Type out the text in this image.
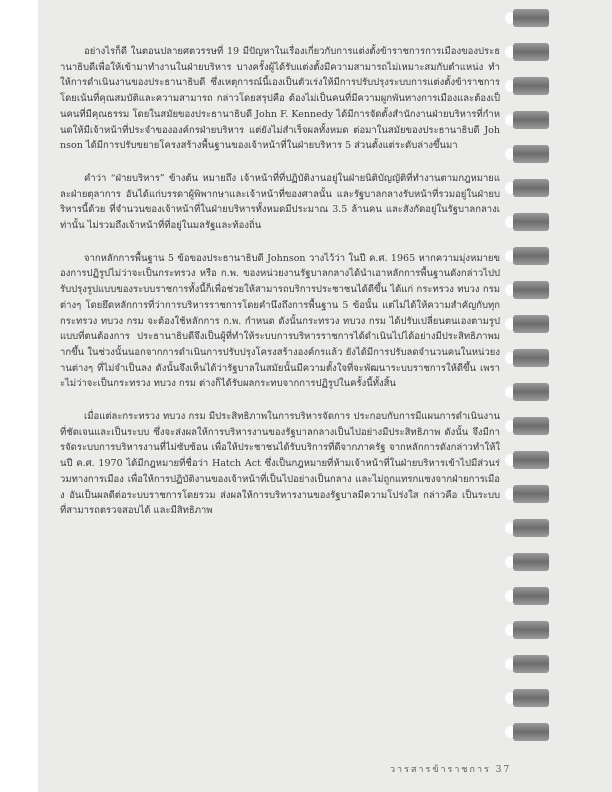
อย่างไรก็ดี ในตอนปลายศตวรรษที่ 19 มีปัญหาในเรื่องเกี่ยวกับการแต่งตั้งข้าราชการการเมืองของประธานาธิบดีเพื่อให้เข้ามาทำงานในฝ่ายบริหาร บางครั้งผู้ได้รับแต่งตั้งมีความสามารถไม่เหมาะสมกับตำแหน่ง ทำให้การดำเนินงานของประธานาธิบดี ซึ่งเหตุการณ์นี้เองเป็นตัวเร่งให้มีการปรับปรุงระบบการแต่งตั้งข้าราชการโดยเน้นที่คุณสมบัติและความสามารถ กล่าวโดยสรุปคือ ต้องไม่เป็นคนที่มีความผูกพันทางการเมืองและต้องเป็นคนที่มีคุณธรรม โดยในสมัยของประธานาธิบดี John F. Kennedy ได้มีการจัดตั้งสำนักงานฝ่ายบริหารที่กำหนดให้มีเจ้าหน้าที่ประจำขององค์กรฝ่ายบริหาร แต่ยังไม่สำเร็จผลทั้งหมด ต่อมาในสมัยของประธานาธิบดี Johnson ได้มีการปรับขยายโครงสร้างพื้นฐานของเจ้าหน้าที่ในฝ่ายบริหาร 5 ส่วนตั้งแต่ระดับล่างขึ้นมา

คำว่า “ฝ่ายบริหาร” ข้างต้น หมายถึง เจ้าหน้าที่ที่ปฏิบัติงานอยู่ในฝ่ายนิติบัญญัติที่ทำงานตามกฎหมายและฝ่ายตุลาการ อันได้แก่บรรดาผู้พิพากษาและเจ้าหน้าที่ของศาลนั้น และรัฐบาลกลางรับหน้าที่รวมอยู่ในฝ่ายบริหารนี้ด้วย ที่จำนวนของเจ้าหน้าที่ในฝ่ายบริหารทั้งหมดมีประมาณ 3.5 ล้านคน และสังกัดอยู่ในรัฐบาลกลางเท่านั้น ไม่รวมถึงเจ้าหน้าที่ที่อยู่ในมลรัฐและท้องถิ่น

จากหลักการพื้นฐาน 5 ข้อของประธานาธิบดี Johnson วางไว้ว่า ในปี ค.ศ. 1965 หากความมุ่งหมายของการปฏิรูปไม่ว่าจะเป็นกระทรวง หรือ ก.พ. ของหน่วยงานรัฐบาลกลางได้นำเอาหลักการพื้นฐานดังกล่าวไปปรับปรุงรูปแบบของระบบราชการทั้งนี้ก็เพื่อช่วยให้สามารถบริการประชาชนได้ดีขึ้น ได้แก่ กระทรวง ทบวง กรม ต่างๆ โดยยึดหลักการที่ว่าการบริหารราชการโดยคำนึงถึงการพื้นฐาน 5 ข้อนั้น แต่ไม่ได้ให้ความสำคัญกับทุกกระทรวง ทบวง กรม จะต้องใช้หลักการ ก.พ. กำหนด ดังนั้นกระทรวง ทบวง กรม ได้ปรับเปลี่ยนตนเองตามรูปแบบที่ตนต้องการ ประธานาธิบดีจึงเป็นผู้ที่ทำให้ระบบการบริหารราชการได้ดำเนินไปได้อย่างมีประสิทธิภาพมากขึ้น ในช่วงนั้นนอกจากการดำเนินการปรับปรุงโครงสร้างองค์กรแล้ว ยังได้มีการปรับลดจำนวนคนในหน่วยงานต่างๆ ที่ไม่จำเป็นลง ดังนั้นจึงเห็นได้ว่ารัฐบาลในสมัยนั้นมีความตั้งใจที่จะพัฒนาระบบราชการให้ดีขึ้น เพราะไม่ว่าจะเป็นกระทรวง ทบวง กรม ต่างก็ได้รับผลกระทบจากการปฏิรูปในครั้งนี้ทั้งสิ้น

เมื่อแต่ละกระทรวง ทบวง กรม มีประสิทธิภาพในการบริหารจัดการ ประกอบกับการมีแผนการดำเนินงานที่ชัดเจนและเป็นระบบ ซึ่งจะส่งผลให้การบริหารงานของรัฐบาลกลางเป็นไปอย่างมีประสิทธิภาพ ดังนั้น จึงมีการจัดระบบการบริหารงานที่ไม่ซับซ้อน เพื่อให้ประชาชนได้รับบริการที่ดีจากภาครัฐ จากหลักการดังกล่าวทำให้ในปี ค.ศ. 1970 ได้มีกฎหมายที่ชื่อว่า Hatch Act ซึ่งเป็นกฎหมายที่ห้ามเจ้าหน้าที่ในฝ่ายบริหารเข้าไปมีส่วนร่วมทางการเมือง เพื่อให้การปฏิบัติงานของเจ้าหน้าที่เป็นไปอย่างเป็นกลาง และไม่ถูกแทรกแซงจากฝ่ายการเมือง อันเป็นผลดีต่อระบบราชการโดยรวม ส่งผลให้การบริหารงานของรัฐบาลมีความโปร่งใส กล่าวคือ เป็นระบบที่สามารถตรวจสอบได้ และมีสิทธิภาพ

วารสารข้าราชการ 37
